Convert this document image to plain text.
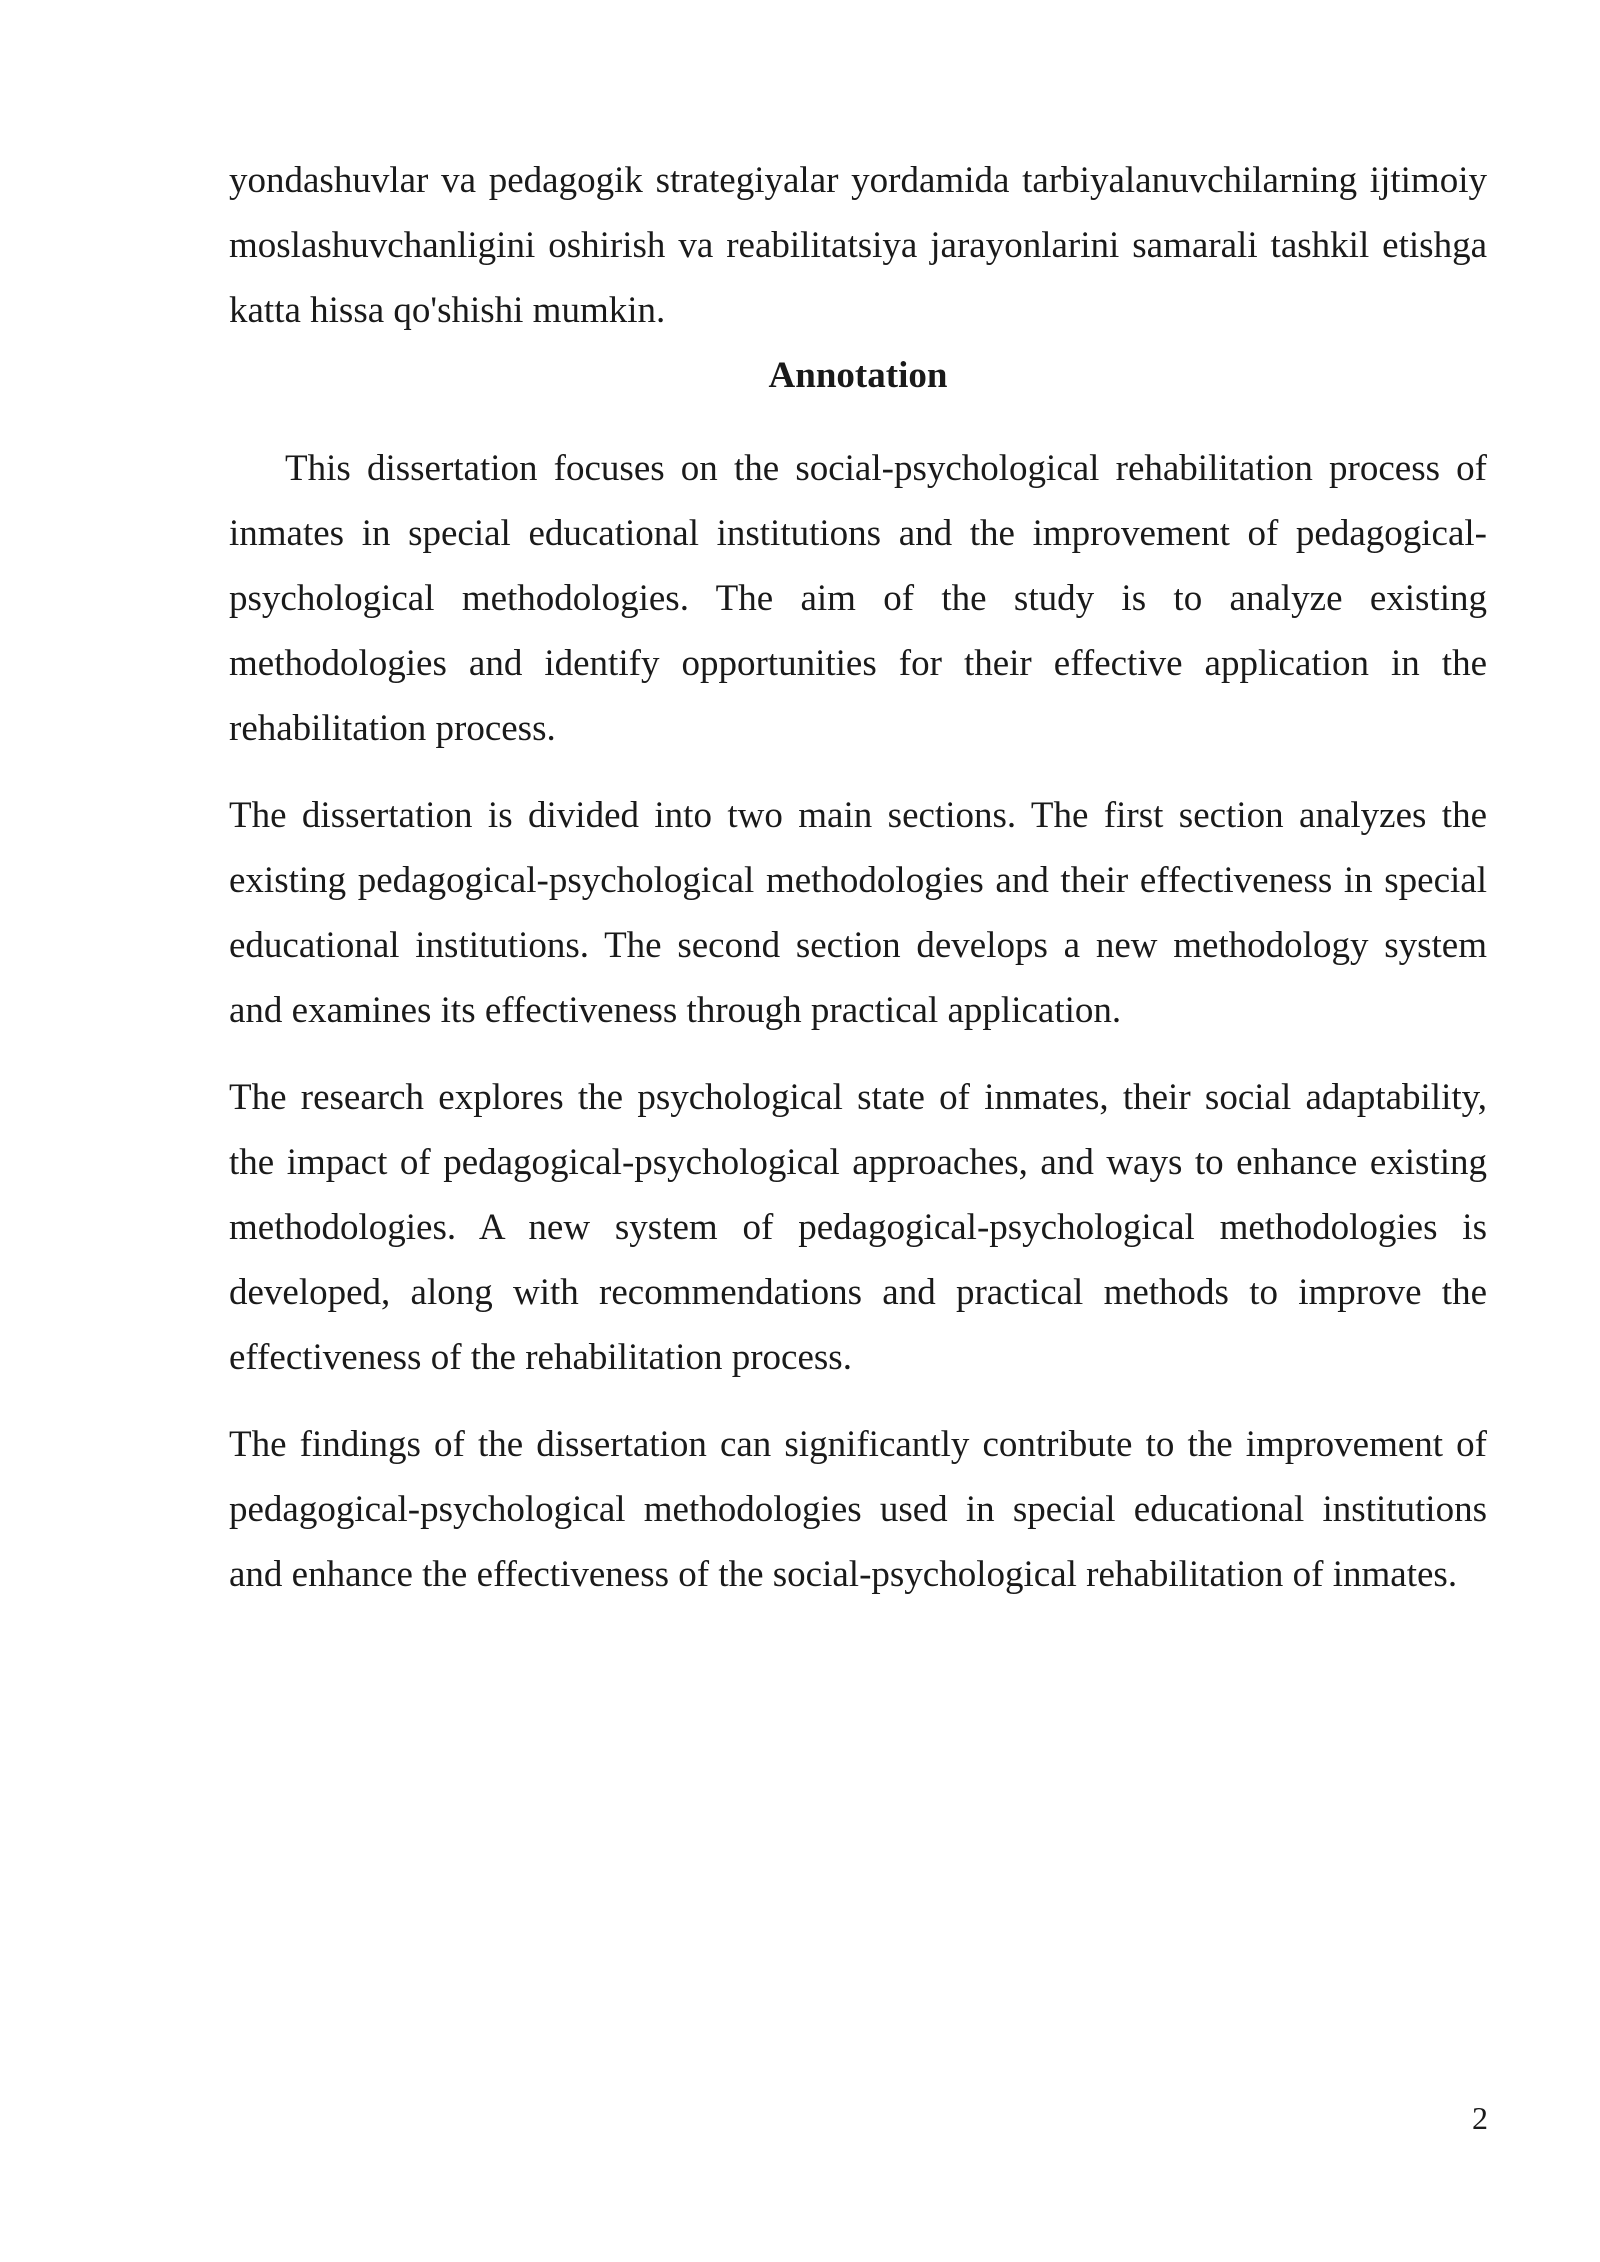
yondashuvlar va pedagogik strategiyalar yordamida tarbiyalanuvchilarning ijtimoiy moslashuvchanligini oshirish va reabilitatsiya jarayonlarini samarali tashkil etishga katta hissa qo'shishi mumkin.

Annotation

This dissertation focuses on the social-psychological rehabilitation process of inmates in special educational institutions and the improvement of pedagogical-psychological methodologies. The aim of the study is to analyze existing methodologies and identify opportunities for their effective application in the rehabilitation process.

The dissertation is divided into two main sections. The first section analyzes the existing pedagogical-psychological methodologies and their effectiveness in special educational institutions. The second section develops a new methodology system and examines its effectiveness through practical application.

The research explores the psychological state of inmates, their social adaptability, the impact of pedagogical-psychological approaches, and ways to enhance existing methodologies. A new system of pedagogical-psychological methodologies is developed, along with recommendations and practical methods to improve the effectiveness of the rehabilitation process.

The findings of the dissertation can significantly contribute to the improvement of pedagogical-psychological methodologies used in special educational institutions and enhance the effectiveness of the social-psychological rehabilitation of inmates.

2
